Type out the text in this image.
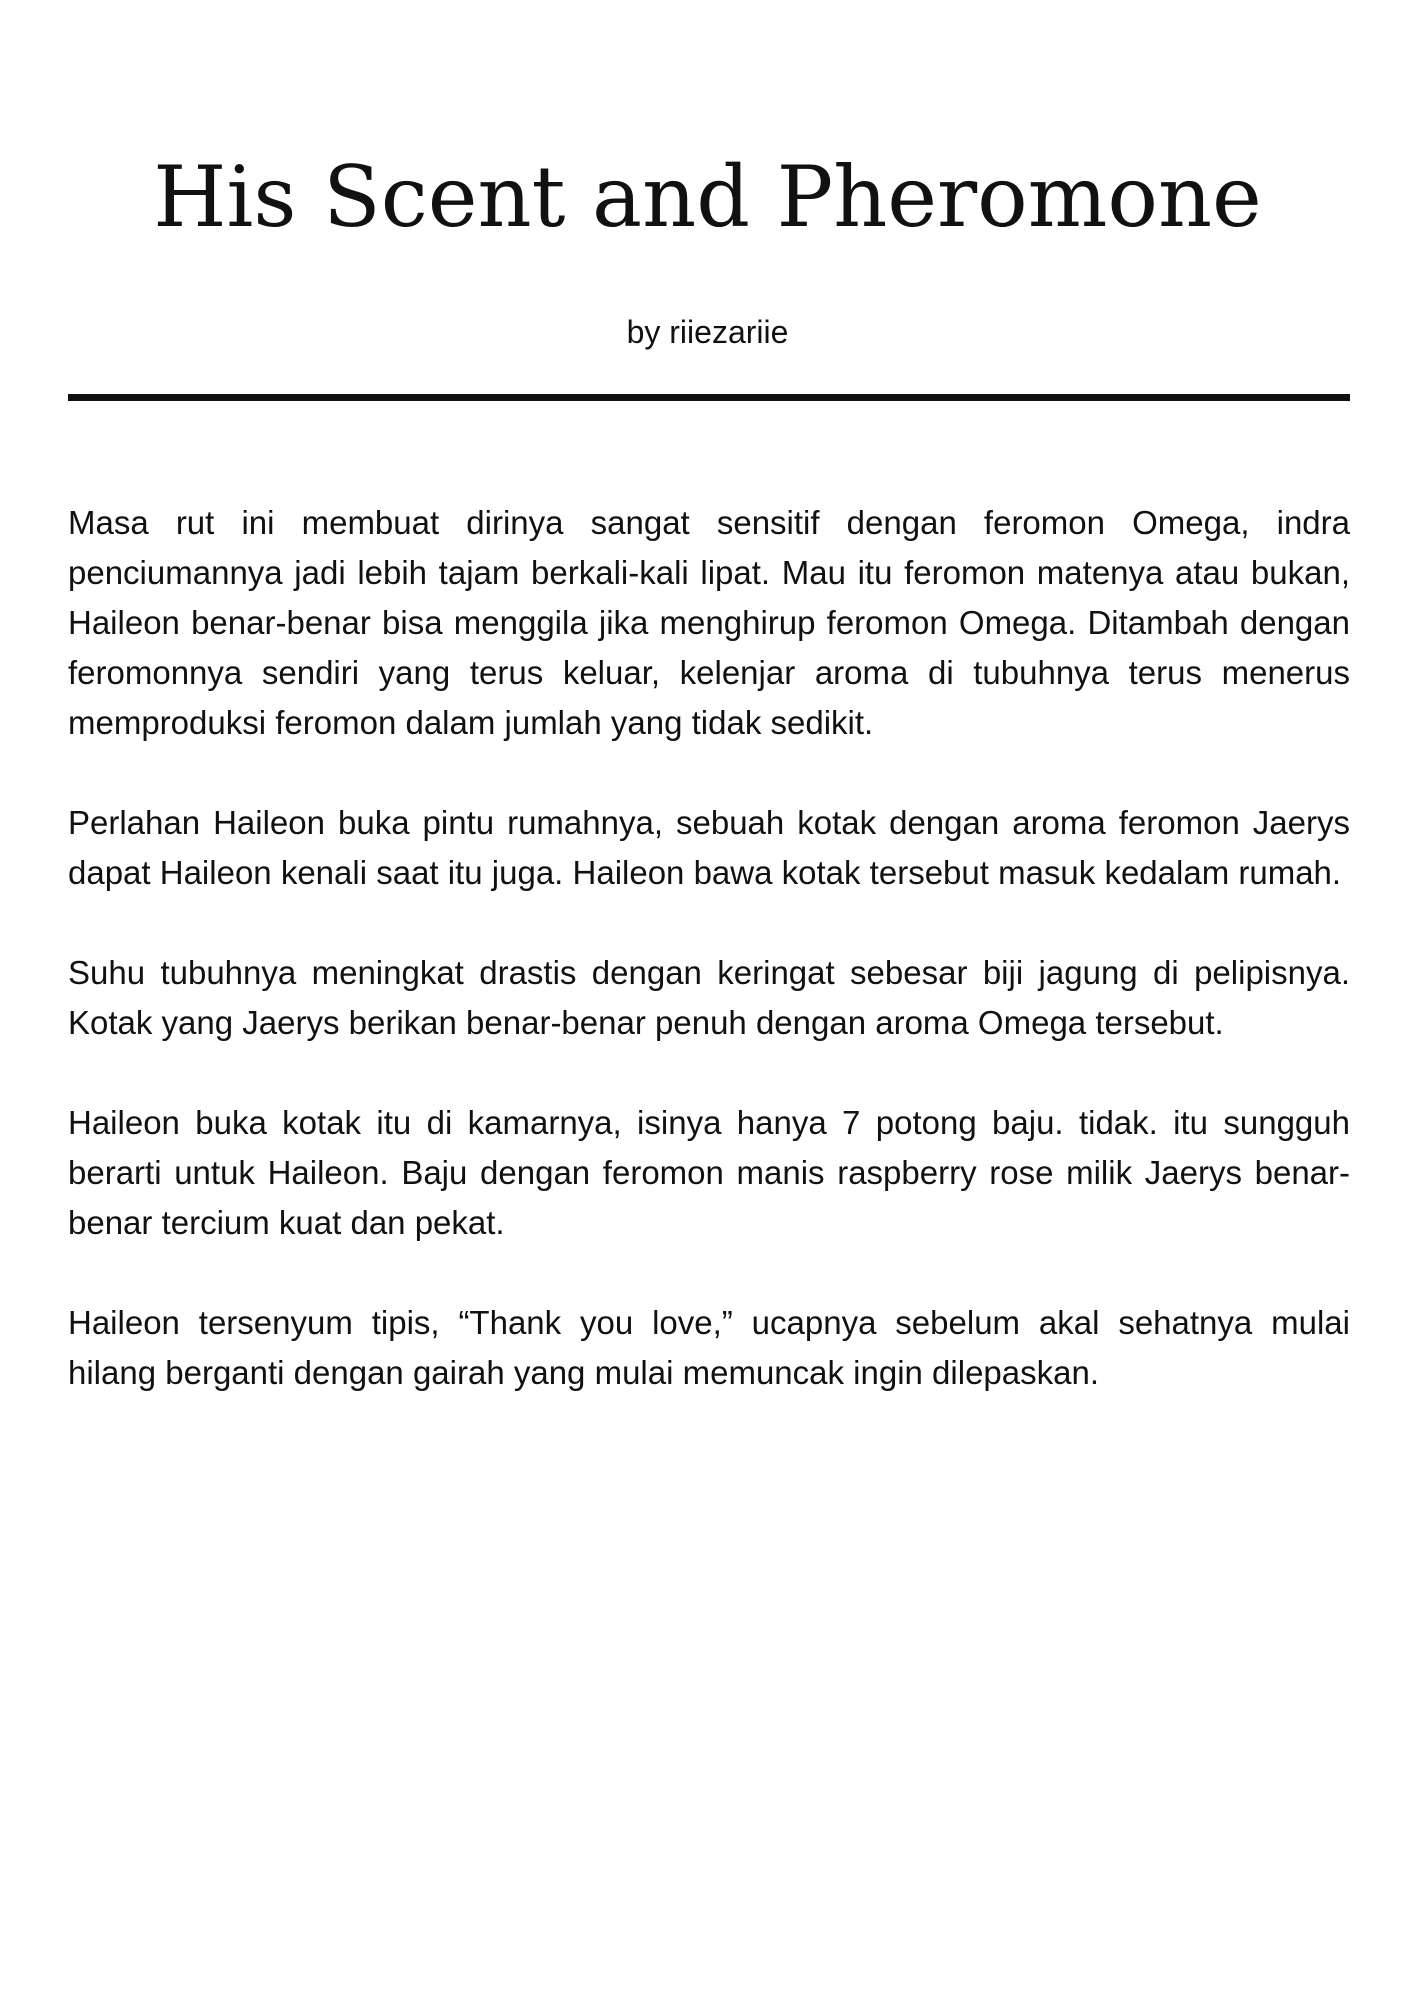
His Scent and Pheromone

by riiezariie

Masa rut ini membuat dirinya sangat sensitif dengan feromon Omega, indra penciumannya jadi lebih tajam berkali-kali lipat. Mau itu feromon matenya atau bukan, Haileon benar-benar bisa menggila jika menghirup feromon Omega. Ditambah dengan feromonnya sendiri yang terus keluar, kelenjar aroma di tubuhnya terus menerus memproduksi feromon dalam jumlah yang tidak sedikit.

Perlahan Haileon buka pintu rumahnya, sebuah kotak dengan aroma feromon Jaerys dapat Haileon kenali saat itu juga. Haileon bawa kotak tersebut masuk kedalam rumah.

Suhu tubuhnya meningkat drastis dengan keringat sebesar biji jagung di pelipisnya. Kotak yang Jaerys berikan benar-benar penuh dengan aroma Omega tersebut.

Haileon buka kotak itu di kamarnya, isinya hanya 7 potong baju. tidak. itu sungguh berarti untuk Haileon. Baju dengan feromon manis raspberry rose milik Jaerys benar-benar tercium kuat dan pekat.

Haileon tersenyum tipis, “Thank you love,” ucapnya sebelum akal sehatnya mulai hilang berganti dengan gairah yang mulai memuncak ingin dilepaskan.
